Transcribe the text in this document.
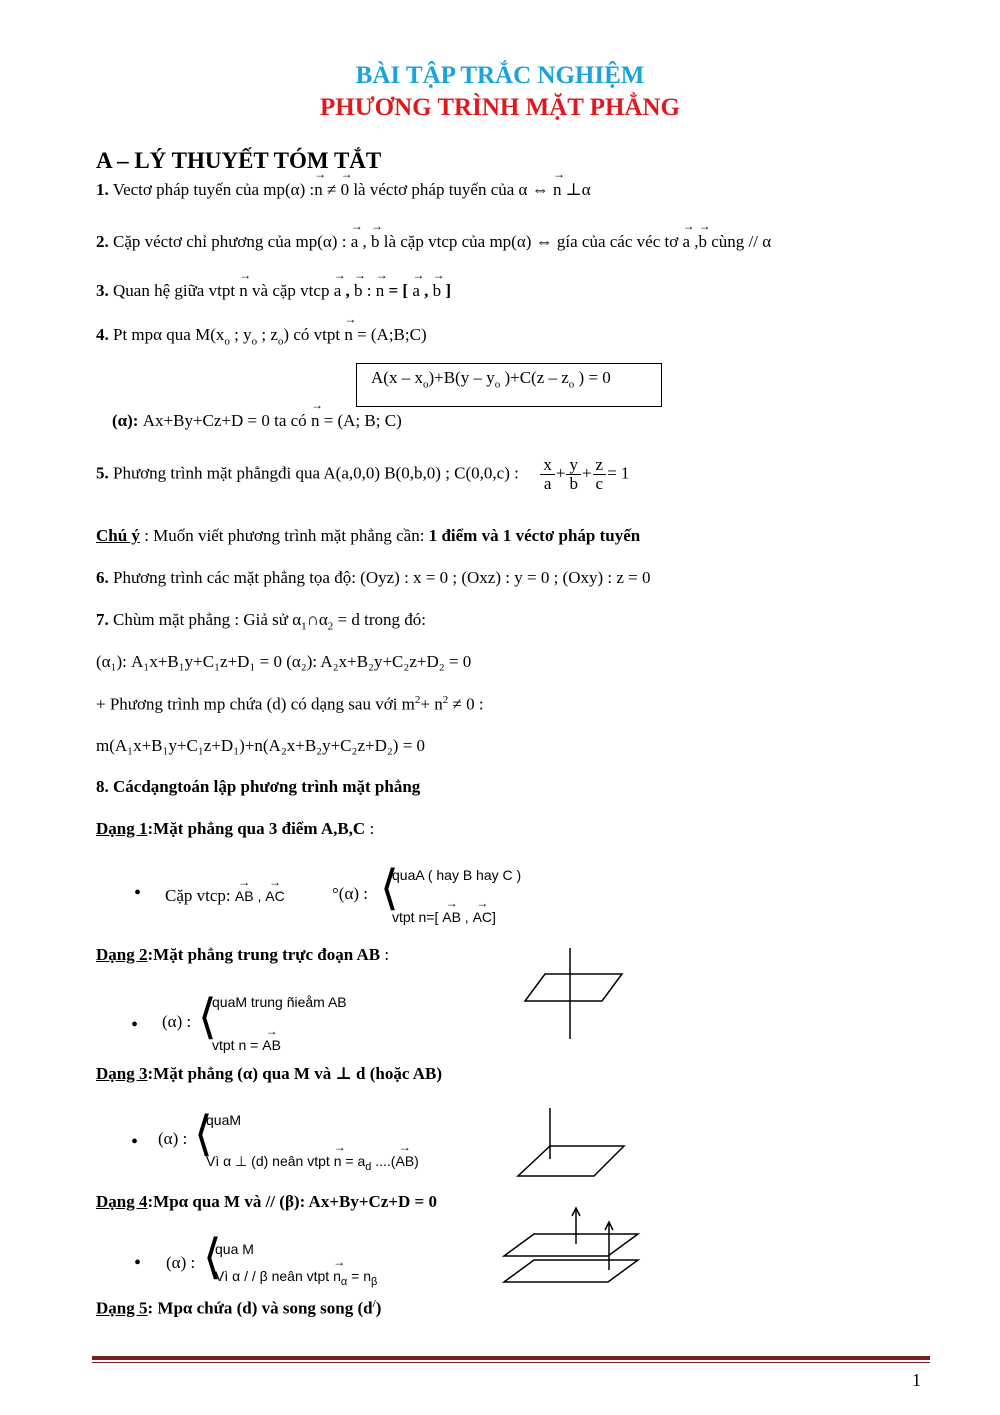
BÀI TẬP TRẮC NGHIỆM
PHƯƠNG TRÌNH MẶT PHẲNG
A – LÝ THUYẾT TÓM TẮT
1. Vectơ pháp tuyến của mp(α) :→ n ≠ → 0 là véctơ pháp tuyến của α ⇔ → n ⊥α
2. Cặp véctơ chỉ phương của mp(α) : → a , → b là cặp vtcp của mp(α) ⇔ gía của các véc tơ → a ,→ b cùng // α
3. Quan hệ giữa vtpt → n và cặp vtcp → a , → b : → n = [ → a , → b ]
4. Pt mpα qua $M(x_o$ ; $y_o$ ; $z_o$) có vtpt → n = (A;B;C)
$A(x - x_o)+B(y - y_o$ )$+C(z - z_o$ ) = 0
(α): Ax+By+Cz+D = 0 ta có → n = (A; B; C)
5. Phương trình mặt phẳngđi qua A(a,0,0) B(0,b,0) ; C(0,0,c) : $\frac{x}{a} + \frac{y}{b} + \frac{z}{c} = 1$
Chú ý : Muốn viết phương trình mặt phẳng cần: 1 điểm và 1 véctơ pháp tuyến
6. Phương trình các mặt phẳng tọa độ: (Oyz) : x = 0 ; (Oxz) : y = 0 ; (Oxy) : z = 0
7. Chùm mặt phẳng : Giả sử $\alpha_1\cap\alpha_2 = d$ trong đó:
(α₁): A₁x+B₁y+C₁z+D₁ = 0 (α₂): A₂x+B₂y+C₂z+D₂ = 0
+ Phương trình mp chứa (d) có dạng sau với $m^2+ n^2 \ne 0$ :
m(A₁x+B₁y+C₁z+D₁)+n(A₂x+B₂y+C₂z+D₂) = 0
8. Cácdạngtoán lập phương trình mặt phẳng
Dạng 1:Mặt phẳng qua 3 điểm A,B,C :
• Cặp vtcp: → AB , → AC	°(α) : ⟨
quaA ( hay B hay C )
vtpt n=[ → AB , → AC]
Dạng 2:Mặt phẳng trung trực đoạn AB :
• (α) : ⟨
quaM trung ñieåm AB
vtpt n = → AB
Dạng 3:Mặt phẳng (α) qua M và ⊥ d (hoặc AB)
• (α) : ⟨
quaM
Vì α ⊥ (d) neân vtpt → $n = a_d$ ....(→ AB)
Dạng 4:Mpα qua M và // (β): Ax+By+Cz+D = 0
• (α) : ⟨
qua M
Vì α / / β neân vtpt → $n_\alpha = n_\beta$
Dạng 5: Mpα chứa (d) và song song (d/)
1
